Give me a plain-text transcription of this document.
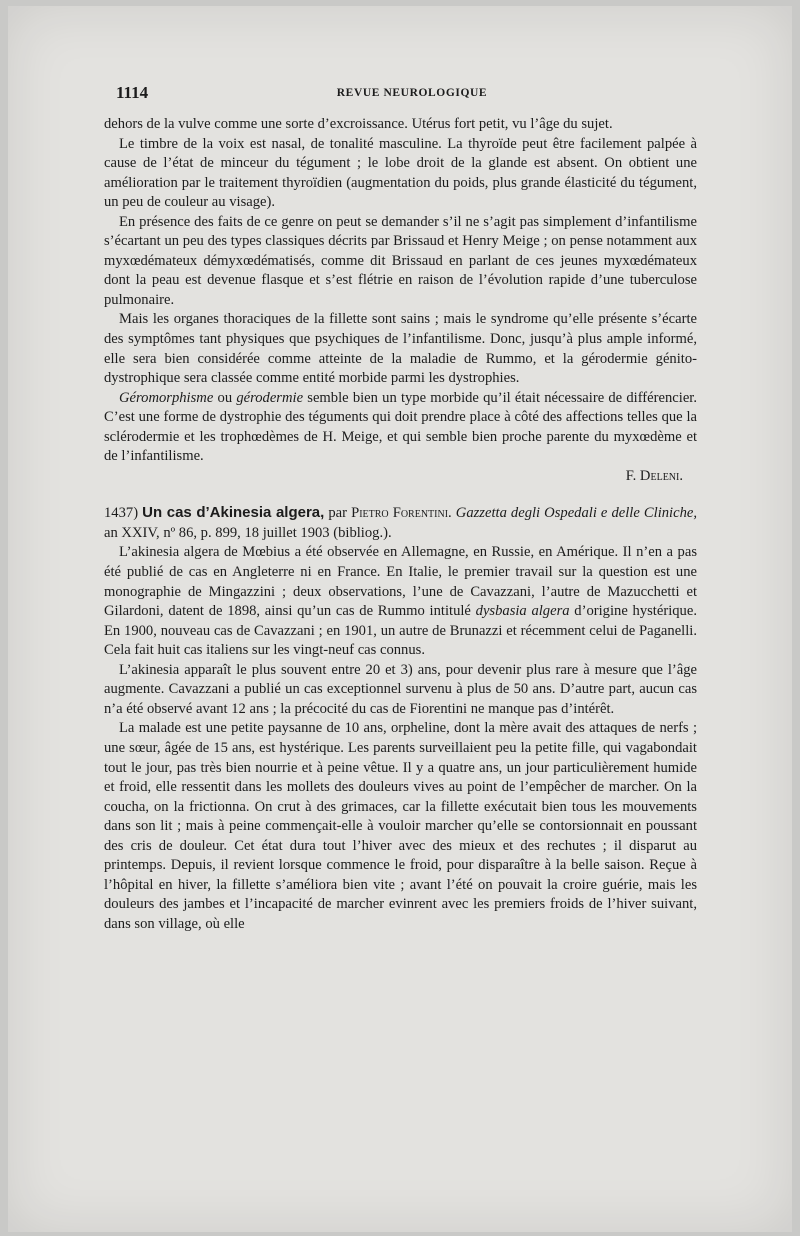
1114	REVUE NEUROLOGIQUE

dehors de la vulve comme une sorte d’excroissance. Utérus fort petit, vu l’âge du sujet.

Le timbre de la voix est nasal, de tonalité masculine. La thyroïde peut être facilement palpée à cause de l’état de minceur du tégument ; le lobe droit de la glande est absent. On obtient une amélioration par le traitement thyroïdien (augmentation du poids, plus grande élasticité du tégument, un peu de couleur au visage).

En présence des faits de ce genre on peut se demander s’il ne s’agit pas simplement d’infantilisme s’écartant un peu des types classiques décrits par Brissaud et Henry Meige ; on pense notamment aux myxœdémateux démyxœdématisés, comme dit Brissaud en parlant de ces jeunes myxœdémateux dont la peau est devenue flasque et s’est flétrie en raison de l’évolution rapide d’une tuberculose pulmonaire.

Mais les organes thoraciques de la fillette sont sains ; mais le syndrome qu’elle présente s’écarte des symptômes tant physiques que psychiques de l’infantilisme. Donc, jusqu’à plus ample informé, elle sera bien considérée comme atteinte de la maladie de Rummo, et la gérodermie génito-dystrophique sera classée comme entité morbide parmi les dystrophies.

Géromorphisme ou gérodermie semble bien un type morbide qu’il était nécessaire de différencier. C’est une forme de dystrophie des téguments qui doit prendre place à côté des affections telles que la sclérodermie et les trophœdèmes de H. Meige, et qui semble bien proche parente du myxœdème et de l’infantilisme.

F. Deleni.

1437) Un cas d’Akinesia algera, par Pietro Forentini. Gazzetta degli Ospedali e delle Cliniche, an XXIV, nº 86, p. 899, 18 juillet 1903 (bibliog.).

L’akinesia algera de Mœbius a été observée en Allemagne, en Russie, en Amérique. Il n’en a pas été publié de cas en Angleterre ni en France. En Italie, le premier travail sur la question est une monographie de Mingazzini ; deux observations, l’une de Cavazzani, l’autre de Mazucchetti et Gilardoni, datent de 1898, ainsi qu’un cas de Rummo intitulé dysbasia algera d’origine hystérique. En 1900, nouveau cas de Cavazzani ; en 1901, un autre de Brunazzi et récemment celui de Paganelli. Cela fait huit cas italiens sur les vingt-neuf cas connus.

L’akinesia apparaît le plus souvent entre 20 et 3) ans, pour devenir plus rare à mesure que l’âge augmente. Cavazzani a publié un cas exceptionnel survenu à plus de 50 ans. D’autre part, aucun cas n’a été observé avant 12 ans ; la précocité du cas de Fiorentini ne manque pas d’intérêt.

La malade est une petite paysanne de 10 ans, orpheline, dont la mère avait des attaques de nerfs ; une sœur, âgée de 15 ans, est hystérique. Les parents surveillaient peu la petite fille, qui vagabondait tout le jour, pas très bien nourrie et à peine vêtue. Il y a quatre ans, un jour particulièrement humide et froid, elle ressentit dans les mollets des douleurs vives au point de l’empêcher de marcher. On la coucha, on la frictionna. On crut à des grimaces, car la fillette exécutait bien tous les mouvements dans son lit ; mais à peine commençait-elle à vouloir marcher qu’elle se contorsionnait en poussant des cris de douleur. Cet état dura tout l’hiver avec des mieux et des rechutes ; il disparut au printemps. Depuis, il revient lorsque commence le froid, pour disparaître à la belle saison. Reçue à l’hôpital en hiver, la fillette s’améliora bien vite ; avant l’été on pouvait la croire guérie, mais les douleurs des jambes et l’incapacité de marcher evinrent avec les premiers froids de l’hiver suivant, dans son village, où elle
